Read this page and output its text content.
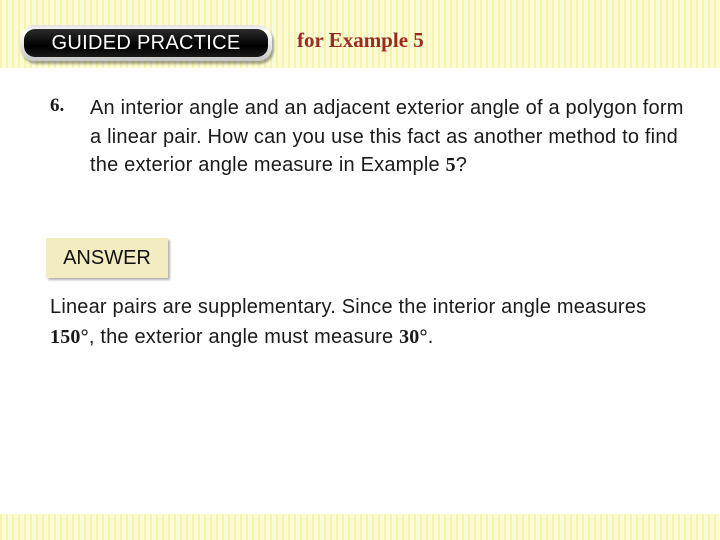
GUIDED PRACTICE	for Example 5
6. An interior angle and an adjacent exterior angle of a polygon form a linear pair. How can you use this fact as another method to find the exterior angle measure in Example 5?
ANSWER
Linear pairs are supplementary. Since the interior angle measures 150°, the exterior angle must measure 30°.
